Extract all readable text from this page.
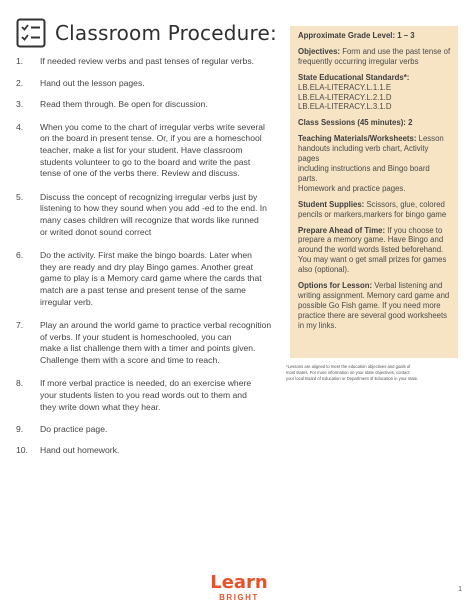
Classroom Procedure:
1.	If needed review verbs and past tenses of regular verbs.
2.	Hand out the lesson pages.
3.	Read them through. Be open for discussion.
4.	When you come to the chart of irregular verbs write several
on the board in present tense. Or, if you are a homeschool
teacher, make a list for your student. Have classroom
students volunteer to go to the board and write the past
tense of one of the verbs there. Review and discuss.
5.	Discuss the concept of recognizing irregular verbs just by
listening to how they sound when you add -ed to the end. In
many cases children will recognize that words like runned
or writed donot sound correct
6.	Do the activity. First make the bingo boards. Later when
they are ready and dry play Bingo games. Another great
game to play is a Memory card game where the cards that
match are a past tense and present tense of the same
irregular verb.
7.	Play an around the world game to practice verbal recognition
of verbs. If your student is homeschooled, you can
make a list challenge them with a timer and points given.
Challenge them with a score and time to reach.
8.	If more verbal practice is needed, do an exercise where
your students listen to you read words out to them and
they write down what they hear.
9.	Do practice page.
10.	Hand out homework.
Approximate Grade Level: 1 – 3
Objectives: Form and use the past tense of
frequently occurring irregular verbs
State Educational Standards*:
LB.ELA-LITERACY.L.1.1.E
LB.ELA-LITERACY.L.2.1.D
LB.ELA-LITERACY.L.3.1.D
Class Sessions (45 minutes): 2
Teaching Materials/Worksheets: Lesson
handouts including verb chart, Activity pages
including instructions and Bingo board parts.
Homework and practice pages.
Student Supplies: Scissors, glue, colored
pencils or markers,markers for bingo game
Prepare Ahead of Time: If you choose to
prepare a memory game. Have Bingo and
around the world words listed beforehand.
You may want o get small prizes for games
also (optional).
Options for Lesson: Verbal listening and
writing assignment. Memory card game and
possible Go Fish game. If you need more
practice there are several good worksheets
in my links.
*Lessons are aligned to meet the education objectives and goals of
most states. For more information on your state objectives, contact
your local Board of Education or Department of Education in your state.
Learn
BRIGHT
1
